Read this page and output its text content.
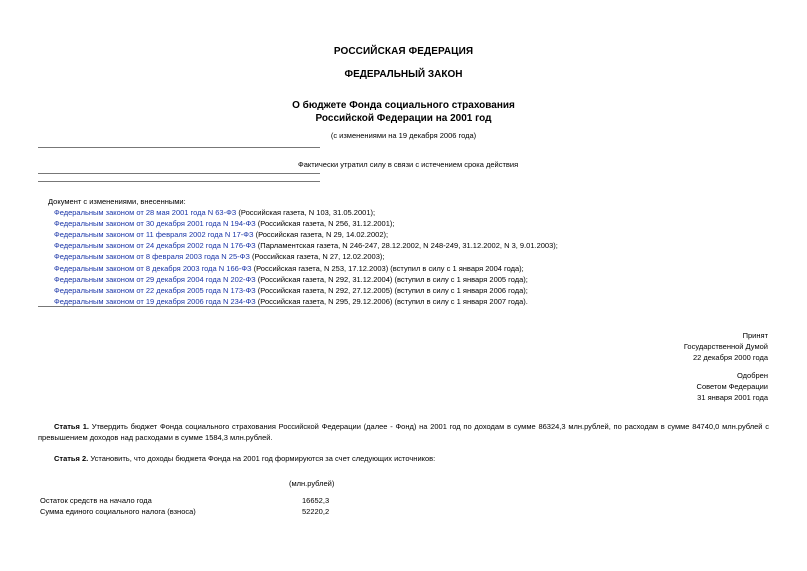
РОССИЙСКАЯ ФЕДЕРАЦИЯ
ФЕДЕРАЛЬНЫЙ ЗАКОН
О бюджете Фонда социального страхования
Российской Федерации на 2001 год
(с изменениями на 19 декабря 2006 года)
Фактически утратил силу в связи с истечением срока действия
Документ с изменениями, внесенными:
Федеральным законом от 28 мая 2001 года N 63-ФЗ (Российская газета, N 103, 31.05.2001);
Федеральным законом от 30 декабря 2001 года N 194-ФЗ (Российская газета, N 256, 31.12.2001);
Федеральным законом от 11 февраля 2002 года N 17-ФЗ (Российская газета, N 29, 14.02.2002);
Федеральным законом от 24 декабря 2002 года N 176-ФЗ (Парламентская газета, N 246-247, 28.12.2002, N 248-249, 31.12.2002, N 3, 9.01.2003);
Федеральным законом от 8 февраля 2003 года N 25-ФЗ (Российская газета, N 27, 12.02.2003);
Федеральным законом от 8 декабря 2003 года N 166-ФЗ (Российская газета, N 253, 17.12.2003) (вступил в силу с 1 января 2004 года);
Федеральным законом от 29 декабря 2004 года N 202-ФЗ (Российская газета, N 292, 31.12.2004) (вступил в силу с 1 января 2005 года);
Федеральным законом от 22 декабря 2005 года N 173-ФЗ (Российская газета, N 292, 27.12.2005) (вступил в силу с 1 января 2006 года);
Федеральным законом от 19 декабря 2006 года N 234-ФЗ (Российская газета, N 295, 29.12.2006) (вступил в силу с 1 января 2007 года).
Принят
Государственной Думой
22 декабря 2000 года
Одобрен
Советом Федерации
31 января 2001 года
Статья 1. Утвердить бюджет Фонда социального страхования Российской Федерации (далее - Фонд) на 2001 год по доходам в сумме 86324,3 млн.рублей, по расходам в сумме 84740,0 млн.рублей с превышением доходов над расходами в сумме 1584,3 млн.рублей.
Статья 2. Установить, что доходы бюджета Фонда на 2001 год формируются за счет следующих источников:
(млн.рублей)
Остаток средств на начало года	16652,3
Сумма единого социального налога (взноса)	52220,2
